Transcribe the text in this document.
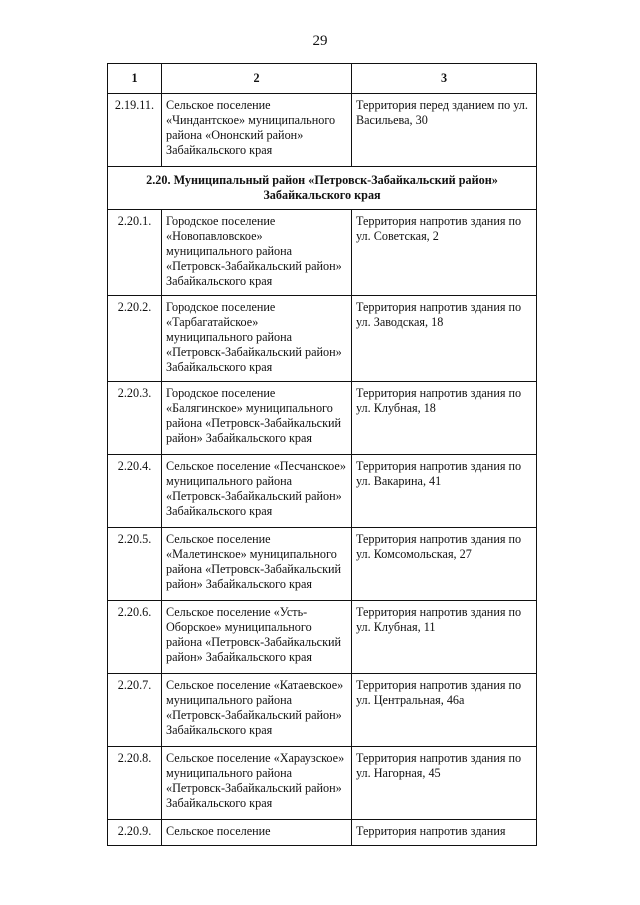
29
1	2	3
2.19.11.	Сельское поселение «Чиндантское» муниципального района «Ононский район» Забайкальского края	Территория перед зданием по ул. Васильева, 30
2.20. Муниципальный район «Петровск-Забайкальский район» Забайкальского края		
2.20.1.	Городское поселение «Новопавловское» муниципального района «Петровск-Забайкальский район» Забайкальского края	Территория напротив здания по ул. Советская, 2
2.20.2.	Городское поселение «Тарбагатайское» муниципального района «Петровск-Забайкальский район» Забайкальского края	Территория напротив здания по ул. Заводская, 18
2.20.3.	Городское поселение «Балягинское» муниципального района «Петровск-Забайкальский район» Забайкальского края	Территория напротив здания по ул. Клубная, 18
2.20.4.	Сельское поселение «Песчанское» муниципального района «Петровск-Забайкальский район» Забайкальского края	Территория напротив здания по ул. Вакарина, 41
2.20.5.	Сельское поселение «Малетинское» муниципального района «Петровск-Забайкальский район» Забайкальского края	Территория напротив здания по ул. Комсомольская, 27
2.20.6.	Сельское поселение «Усть-Оборское» муниципального района «Петровск-Забайкальский район» Забайкальского края	Территория напротив здания по ул. Клубная, 11
2.20.7.	Сельское поселение «Катаевское» муниципального района «Петровск-Забайкальский район» Забайкальского края	Территория напротив здания по ул. Центральная, 46а
2.20.8.	Сельское поселение «Хараузское» муниципального района «Петровск-Забайкальский район» Забайкальского края	Территория напротив здания по ул. Нагорная, 45
2.20.9.	Сельское поселение	Территория напротив здания
